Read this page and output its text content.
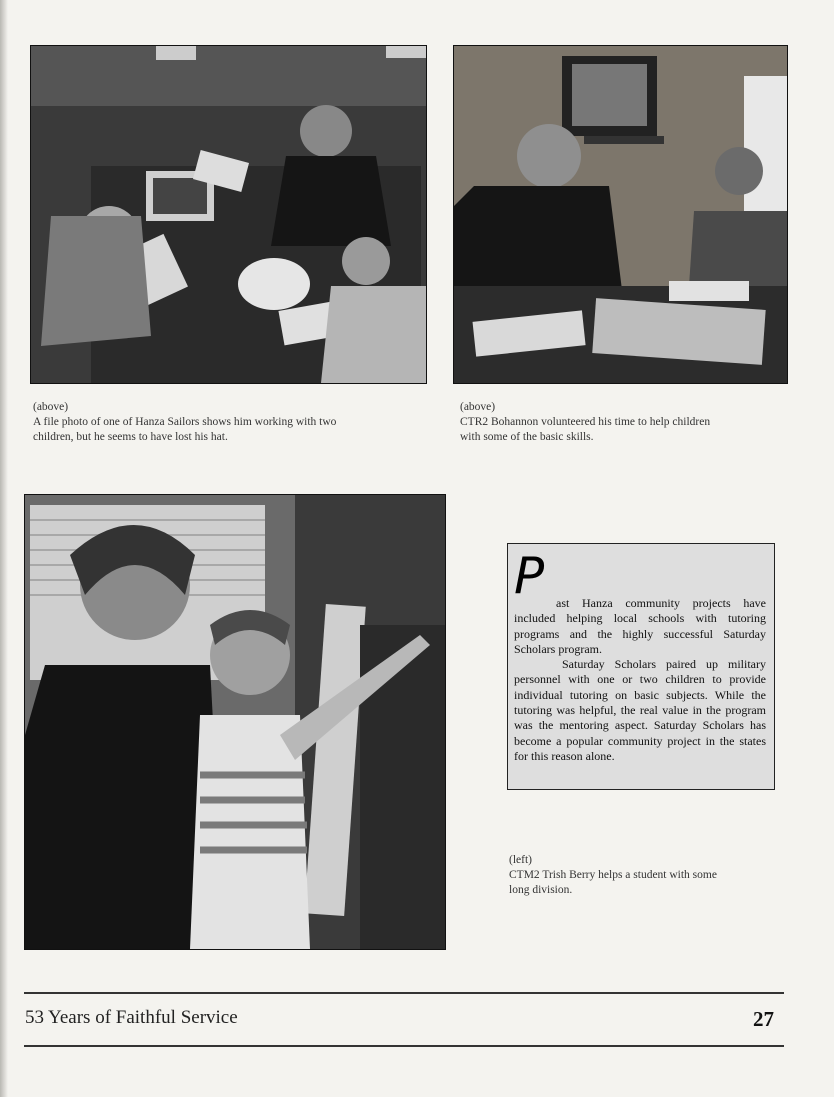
(above)
A file photo of one of Hanza Sailors shows him working with two
children, but he seems to have lost his hat.
(above)
CTR2 Bohannon volunteered his time to help children
with some of the basic skills.
P ast Hanza community projects have included helping local schools with tutoring programs and the highly successful Saturday Scholars program.

Saturday Scholars paired up military personnel with one or two children to provide individual tutoring on basic subjects. While the tutoring was helpful, the real value in the program was the mentoring aspect. Saturday Scholars has become a popular community project in the states for this reason alone.

(left)
CTM2 Trish Berry helps a student with some
long division.
53 Years of Faithful Service	27
